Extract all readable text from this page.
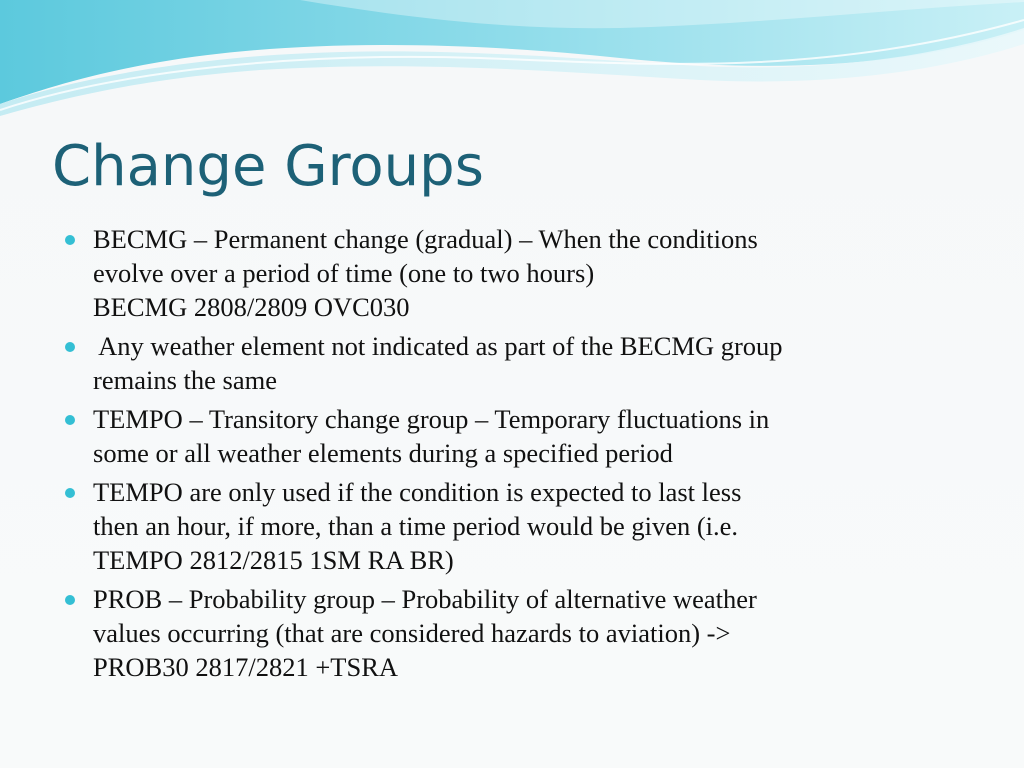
Change Groups
BECMG – Permanent change (gradual) – When the conditions
evolve over a period of time (one to two hours)
BECMG 2808/2809 OVC030
Any weather element not indicated as part of the BECMG group
remains the same
TEMPO – Transitory change group – Temporary fluctuations in
some or all weather elements during a specified period
TEMPO are only used if the condition is expected to last less
then an hour, if more, than a time period would be given (i.e.
TEMPO 2812/2815 1SM RA BR)
PROB – Probability group – Probability of alternative weather
values occurring (that are considered hazards to aviation) ->
PROB30 2817/2821 +TSRA
